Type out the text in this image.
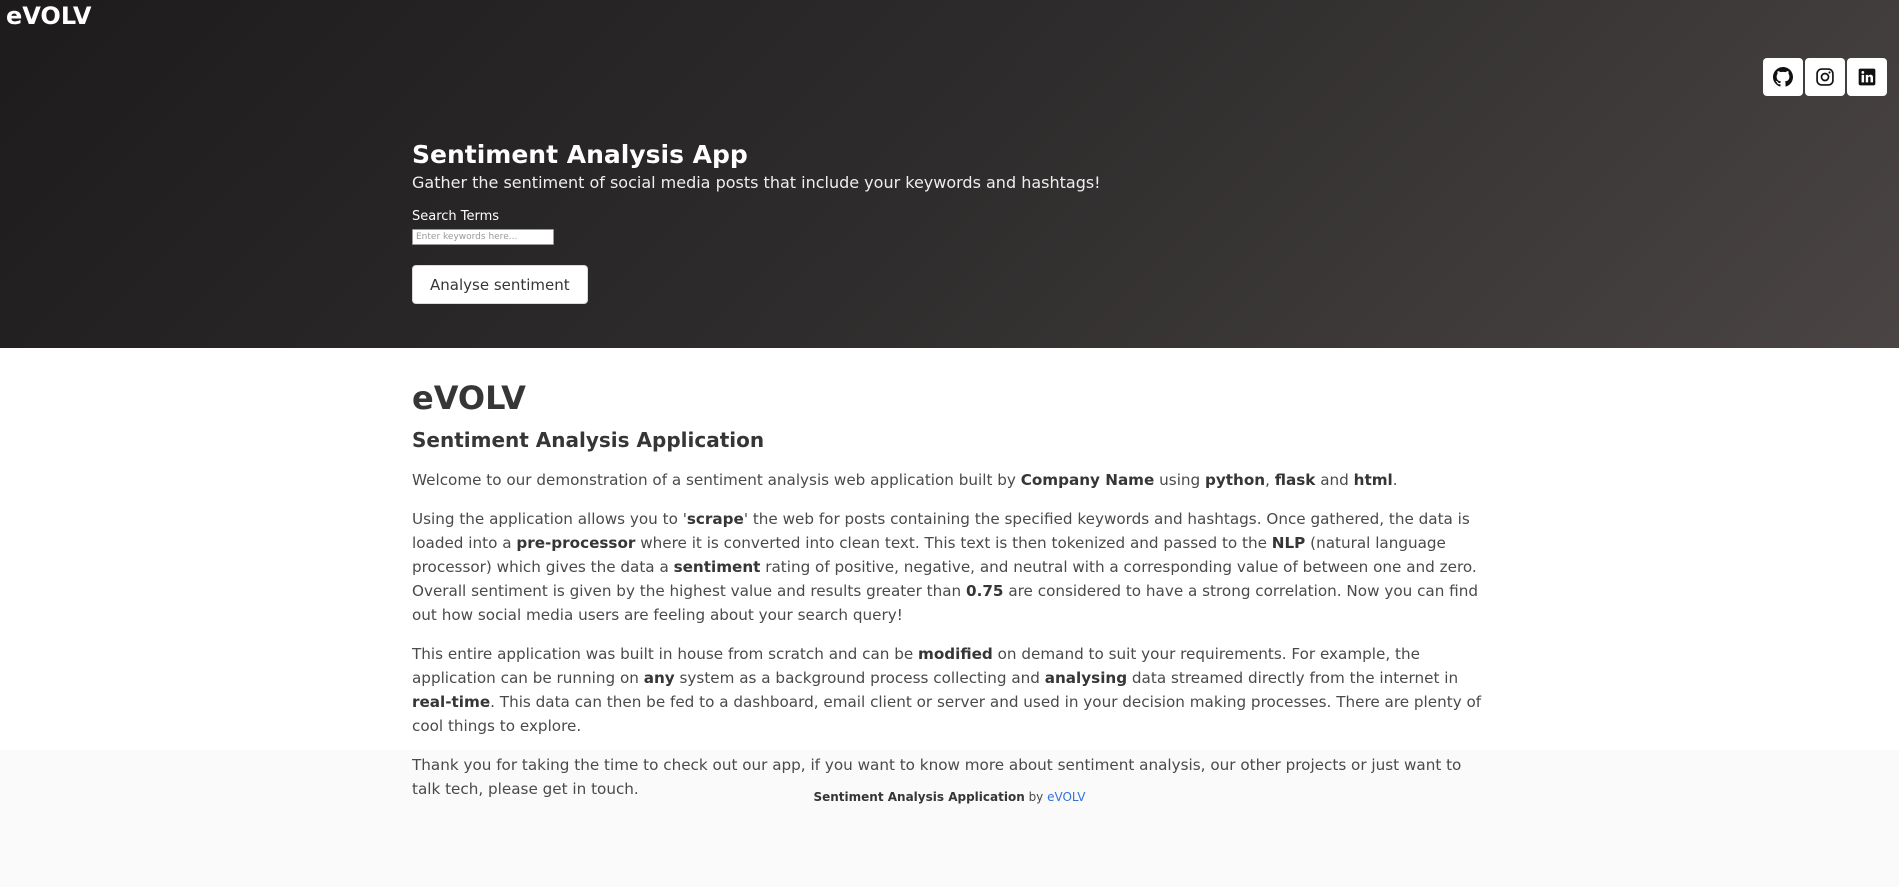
eVOLV
Sentiment Analysis App
Gather the sentiment of social media posts that include your keywords and hashtags!
Search Terms
Enter keywords here...
Analyse sentiment
eVOLV
Sentiment Analysis Application

Welcome to our demonstration of a sentiment analysis web application built by Company Name using python, flask and html.

Using the application allows you to 'scrape' the web for posts containing the specified keywords and hashtags. Once gathered, the data is loaded into a pre-processor where it is converted into clean text. This text is then tokenized and passed to the NLP (natural language processor) which gives the data a sentiment rating of positive, negative, and neutral with a corresponding value of between one and zero. Overall sentiment is given by the highest value and results greater than 0.75 are considered to have a strong correlation. Now you can find out how social media users are feeling about your search query!

This entire application was built in house from scratch and can be modified on demand to suit your requirements. For example, the application can be running on any system as a background process collecting and analysing data streamed directly from the internet in real-time. This data can then be fed to a dashboard, email client or server and used in your decision making processes. There are plenty of cool things to explore.

Thank you for taking the time to check out our app, if you want to know more about sentiment analysis, our other projects or just want to talk tech, please get in touch.	Sentiment Analysis Application by eVOLV
